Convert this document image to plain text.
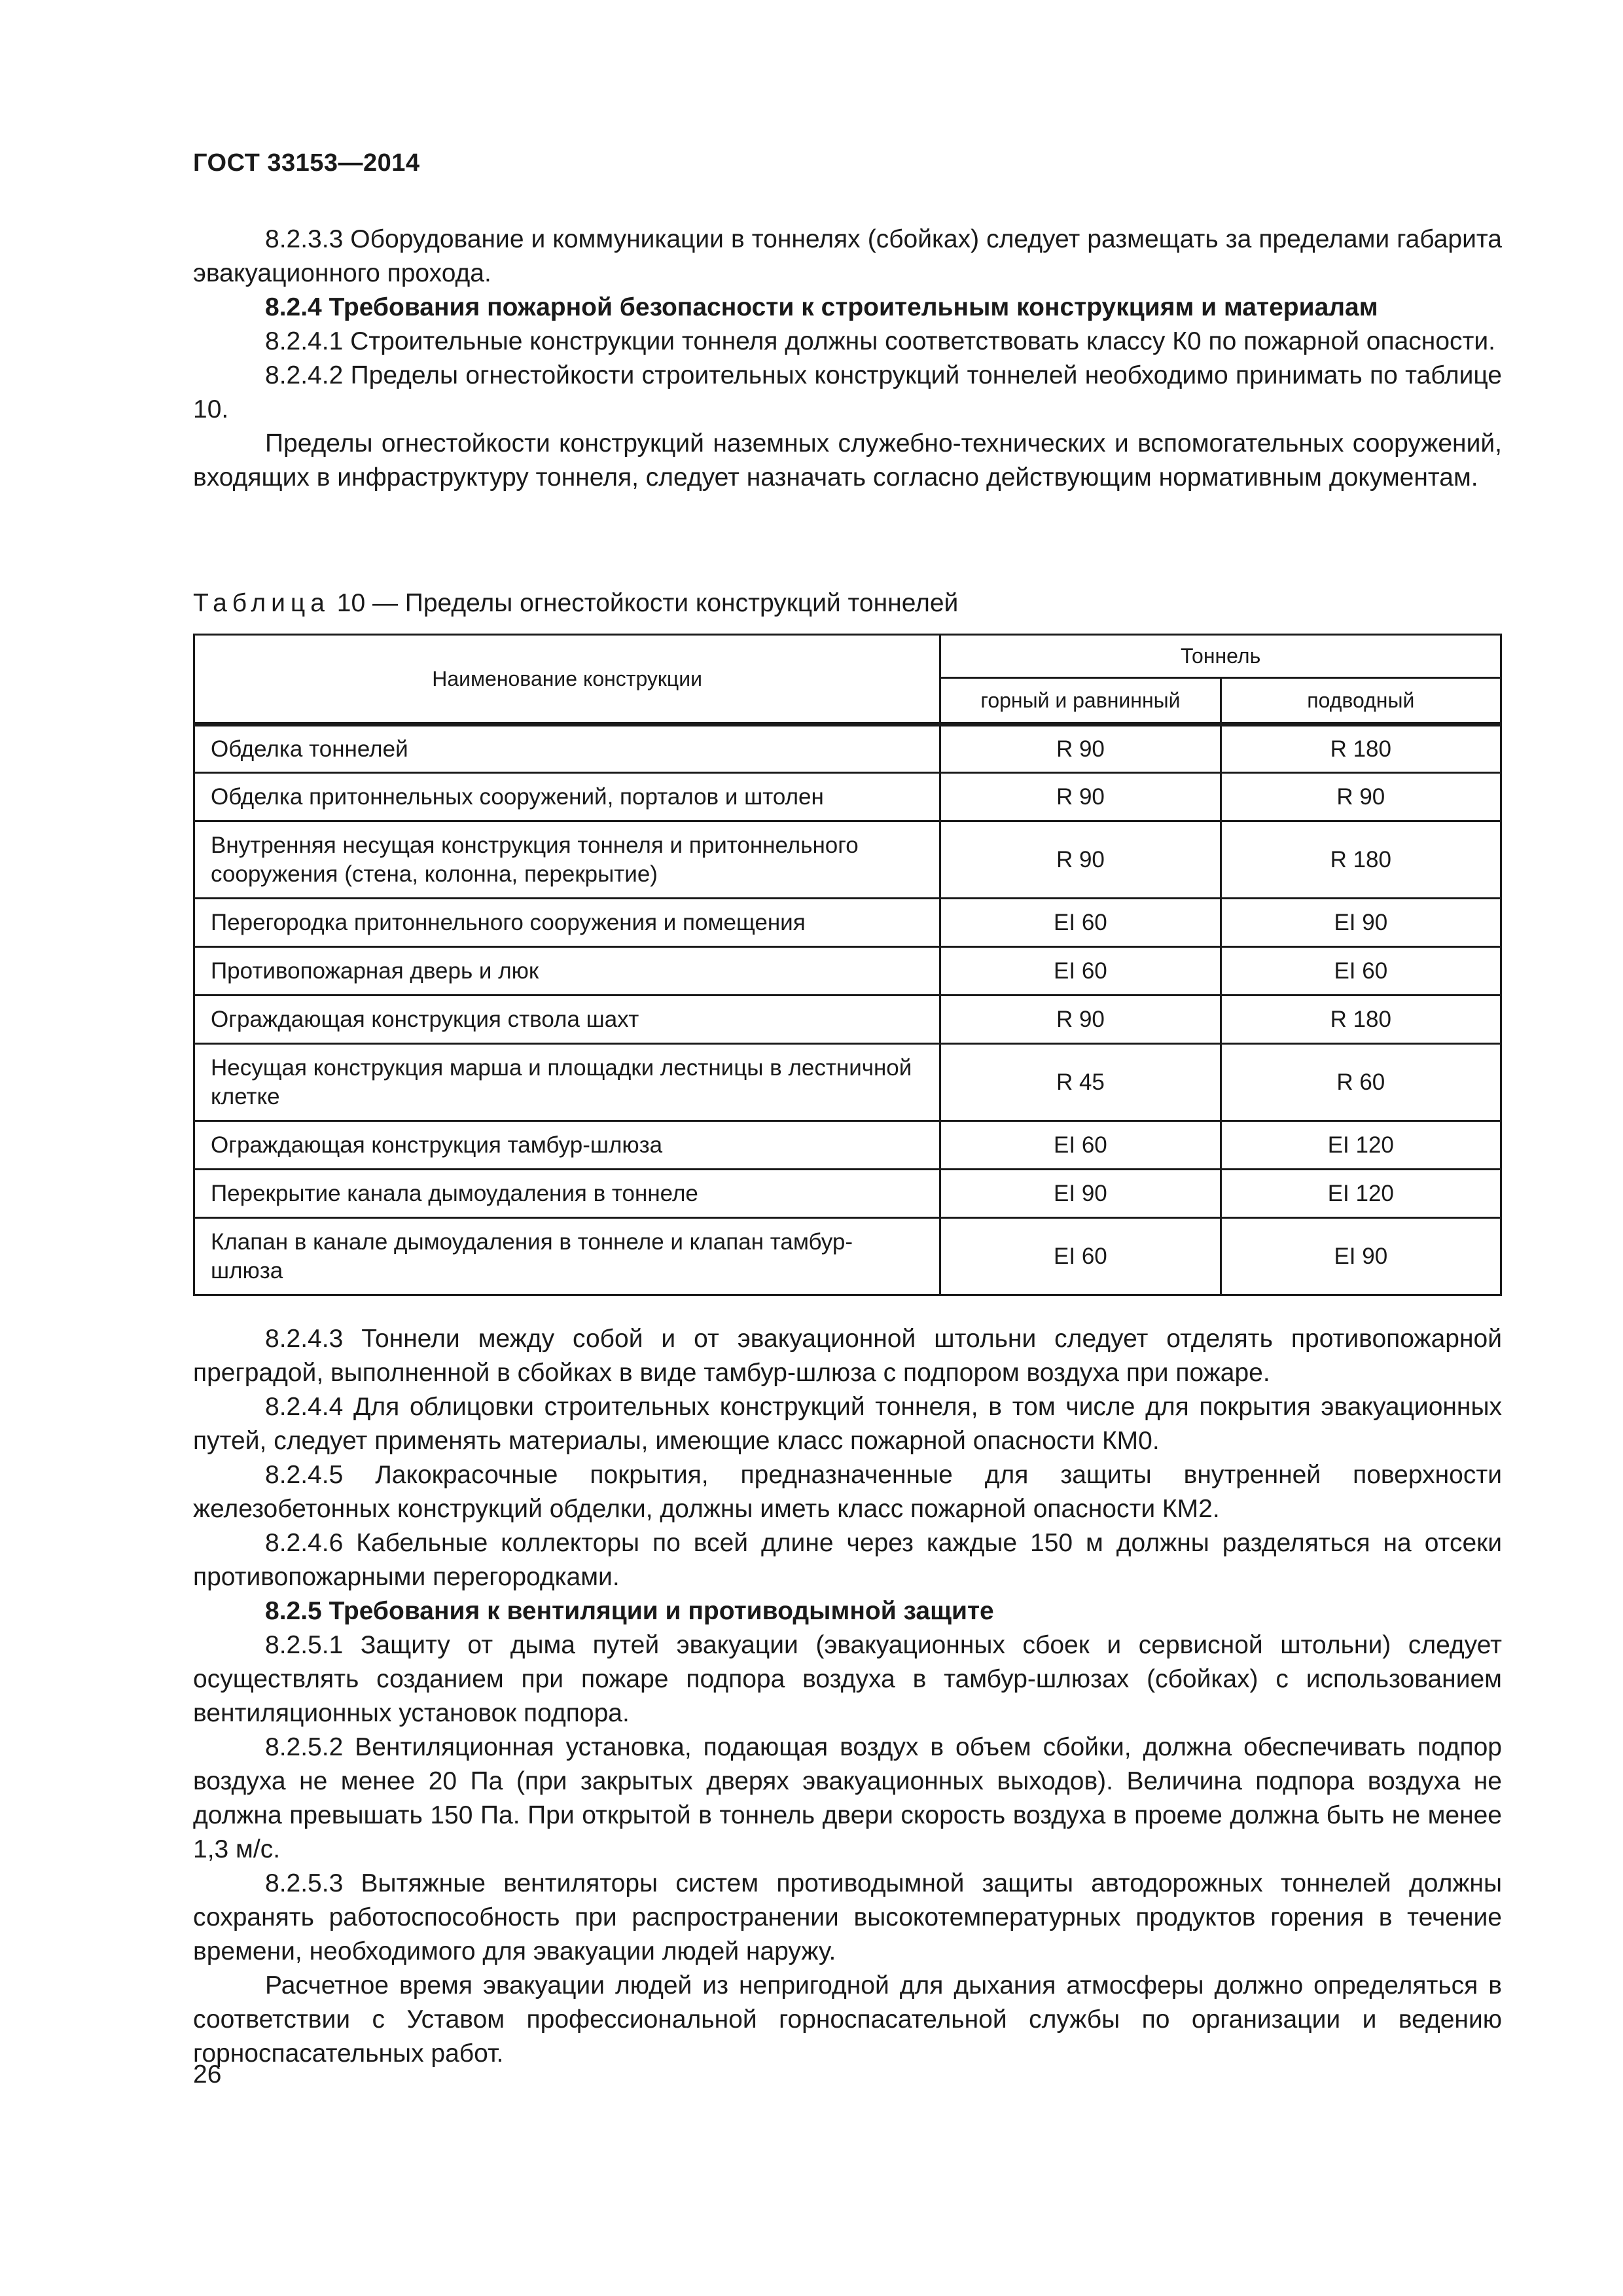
ГОСТ 33153—2014

8.2.3.3 Оборудование и коммуникации в тоннелях (сбойках) следует размещать за пределами габарита эвакуационного прохода.

8.2.4 Требования пожарной безопасности к строительным конструкциям и материалам

8.2.4.1 Строительные конструкции тоннеля должны соответствовать классу К0 по пожарной опасности.

8.2.4.2 Пределы огнестойкости строительных конструкций тоннелей необходимо принимать по таблице 10.

Пределы огнестойкости конструкций наземных служебно-технических и вспомогательных сооружений, входящих в инфраструктуру тоннеля, следует назначать согласно действующим нормативным документам.

Таблица 10 — Пределы огнестойкости конструкций тоннелей
Наименование конструкции	Тоннель	
	горный и равнинный	подводный
Обделка тоннелей	R 90	R 180
Обделка притоннельных сооружений, порталов и штолен	R 90	R 90
Внутренняя несущая конструкция тоннеля и притоннельного сооружения (стена, колонна, перекрытие)	R 90	R 180
Перегородка притоннельного сооружения и помещения	EI 60	EI 90
Противопожарная дверь и люк	EI 60	EI 60
Ограждающая конструкция ствола шахт	R 90	R 180
Несущая конструкция марша и площадки лестницы в лестничной клетке	R 45	R 60
Ограждающая конструкция тамбур-шлюза	EI 60	EI 120
Перекрытие канала дымоудаления в тоннеле	EI 90	EI 120
Клапан в канале дымоудаления в тоннеле и клапан тамбур-шлюза	EI 60	EI 90

8.2.4.3 Тоннели между собой и от эвакуационной штольни следует отделять противопожарной преградой, выполненной в сбойках в виде тамбур-шлюза с подпором воздуха при пожаре.

8.2.4.4 Для облицовки строительных конструкций тоннеля, в том числе для покрытия эвакуационных путей, следует применять материалы, имеющие класс пожарной опасности КМ0.

8.2.4.5 Лакокрасочные покрытия, предназначенные для защиты внутренней поверхности железобетонных конструкций обделки, должны иметь класс пожарной опасности КМ2.

8.2.4.6 Кабельные коллекторы по всей длине через каждые 150 м должны разделяться на отсеки противопожарными перегородками.

8.2.5 Требования к вентиляции и противодымной защите

8.2.5.1 Защиту от дыма путей эвакуации (эвакуационных сбоек и сервисной штольни) следует осуществлять созданием при пожаре подпора воздуха в тамбур-шлюзах (сбойках) с использованием вентиляционных установок подпора.

8.2.5.2 Вентиляционная установка, подающая воздух в объем сбойки, должна обеспечивать подпор воздуха не менее 20 Па (при закрытых дверях эвакуационных выходов). Величина подпора воздуха не должна превышать 150 Па. При открытой в тоннель двери скорость воздуха в проеме должна быть не менее 1,3 м/с.

8.2.5.3 Вытяжные вентиляторы систем противодымной защиты автодорожных тоннелей должны сохранять работоспособность при распространении высокотемпературных продуктов горения в течение времени, необходимого для эвакуации людей наружу.

Расчетное время эвакуации людей из непригодной для дыхания атмосферы должно определяться в соответствии с Уставом профессиональной горноспасательной службы по организации и ведению горноспасательных работ.

26
